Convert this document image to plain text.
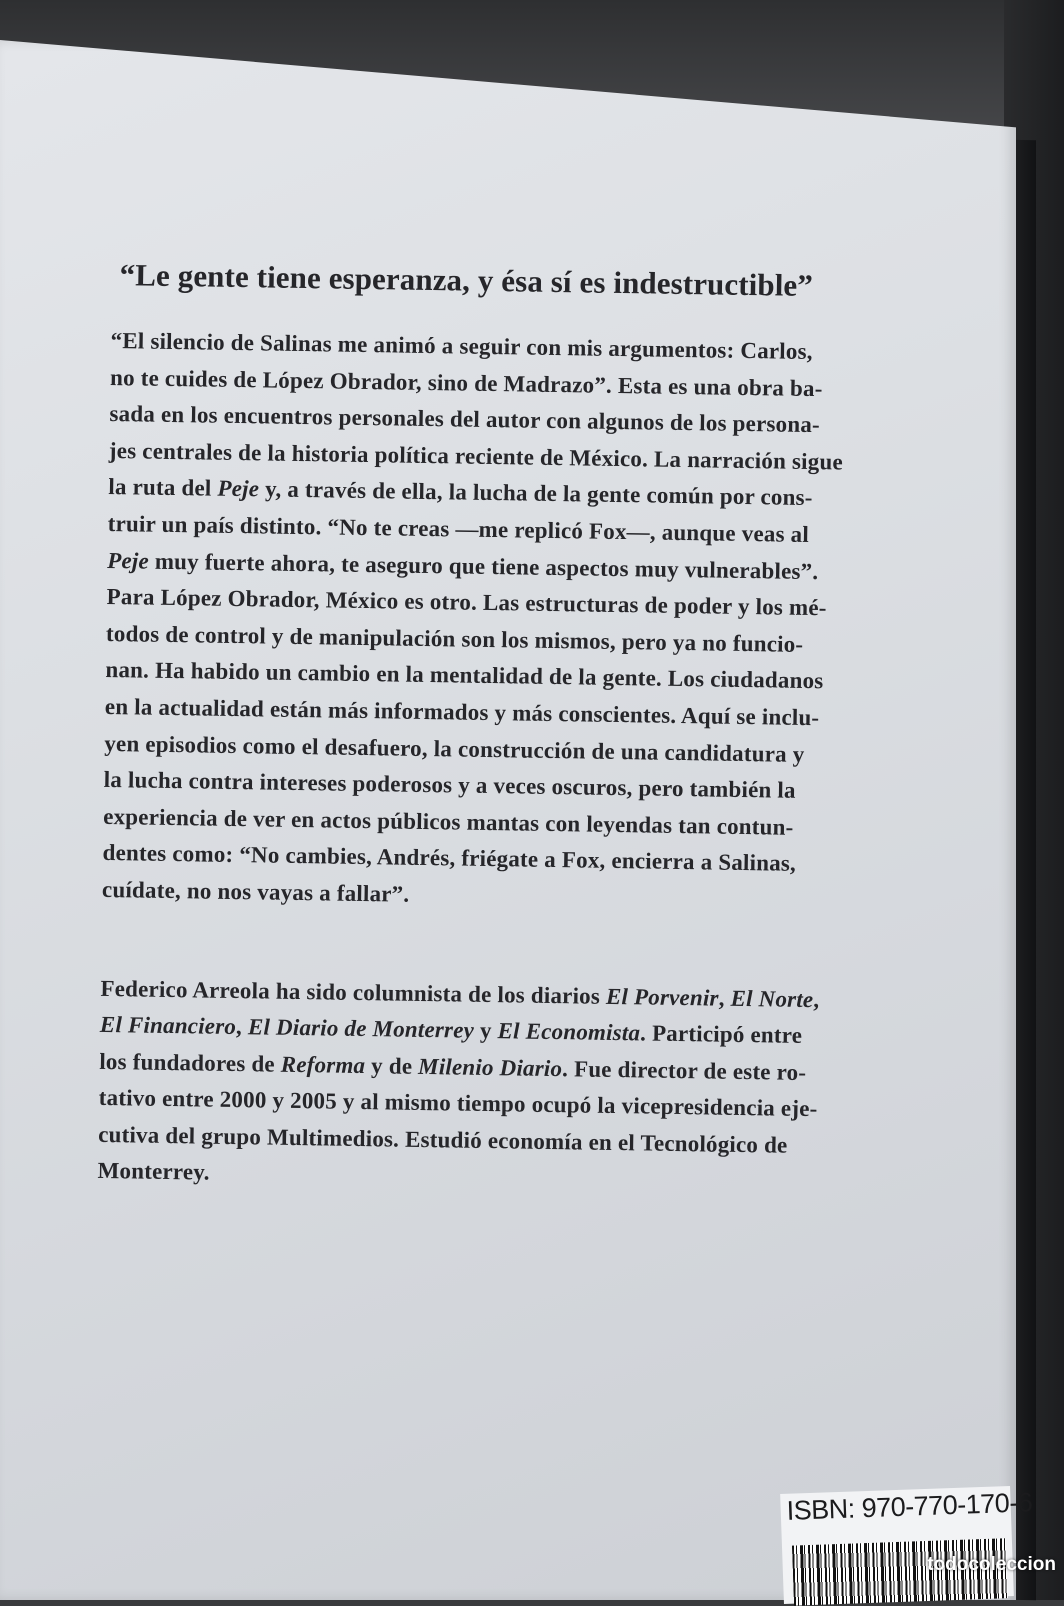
“Le gente tiene esperanza, y ésa sí es indestructible”
“El silencio de Salinas me animó a seguir con mis argumentos: Carlos,
no te cuides de López Obrador, sino de Madrazo”. Esta es una obra ba-
sada en los encuentros personales del autor con algunos de los persona-
jes centrales de la historia política reciente de México. La narración sigue
la ruta del Peje y, a través de ella, la lucha de la gente común por cons-
truir un país distinto. “No te creas —me replicó Fox—, aunque veas al
Peje muy fuerte ahora, te aseguro que tiene aspectos muy vulnerables”.
Para López Obrador, México es otro. Las estructuras de poder y los mé-
todos de control y de manipulación son los mismos, pero ya no funcio-
nan. Ha habido un cambio en la mentalidad de la gente. Los ciudadanos
en la actualidad están más informados y más conscientes. Aquí se inclu-
yen episodios como el desafuero, la construcción de una candidatura y
la lucha contra intereses poderosos y a veces oscuros, pero también la
experiencia de ver en actos públicos mantas con leyendas tan contun-
dentes como: “No cambies, Andrés, friégate a Fox, encierra a Salinas,
cuídate, no nos vayas a fallar”.
Federico Arreola ha sido columnista de los diarios El Porvenir, El Norte,
El Financiero, El Diario de Monterrey y El Economista. Participó entre
los fundadores de Reforma y de Milenio Diario. Fue director de este ro-
tativo entre 2000 y 2005 y al mismo tiempo ocupó la vicepresidencia eje-
cutiva del grupo Multimedios. Estudió economía en el Tecnológico de
Monterrey.
ISBN: 970-770-170-6
todocoleccion
